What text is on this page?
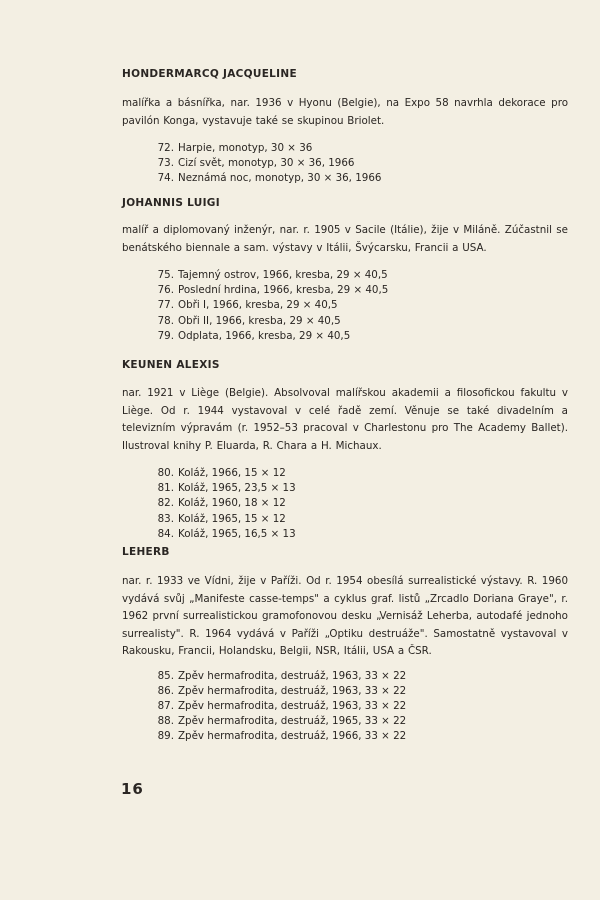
HONDERMARCQ JACQUELINE

malířka a básnířka, nar. 1936 v Hyonu (Belgie), na Expo 58 navrhla dekorace pro pavilón Konga, vystavuje také se skupinou Briolet.

72. Harpie, monotyp, 30 × 36
73. Cizí svět, monotyp, 30 × 36, 1966
74. Neznámá noc, monotyp, 30 × 36, 1966
JOHANNIS LUIGI

malíř a diplomovaný inženýr, nar. r. 1905 v Sacile (Itálie), žije v Miláně. Zúčastnil se benátského biennale a sam. výstavy v Itálii, Švýcarsku, Francii a USA.

75. Tajemný ostrov, 1966, kresba, 29 × 40,5
76. Poslední hrdina, 1966, kresba, 29 × 40,5
77. Obři I, 1966, kresba, 29 × 40,5
78. Obři II, 1966, kresba, 29 × 40,5
79. Odplata, 1966, kresba, 29 × 40,5
KEUNEN ALEXIS

nar. 1921 v Liège (Belgie). Absolvoval malířskou akademii a filosofickou fakultu v Liège. Od r. 1944 vystavoval v celé řadě zemí. Věnuje se také divadelním a televizním výpravám (r. 1952–53 pracoval v Charlestonu pro The Academy Ballet). Ilustroval knihy P. Eluarda, R. Chara a H. Michaux.

80. Koláž, 1966, 15 × 12
81. Koláž, 1965, 23,5 × 13
82. Koláž, 1960, 18 × 12
83. Koláž, 1965, 15 × 12
84. Koláž, 1965, 16,5 × 13
LEHERB

nar. r. 1933 ve Vídni, žije v Paříži. Od r. 1954 obesílá surrealistické výstavy. R. 1960 vydává svůj „Manifeste casse-temps" a cyklus graf. listů „Zrcadlo Doriana Graye", r. 1962 první surrealistickou gramofonovou desku „Vernisáž Leherba, autodafé jednoho surrealisty". R. 1964 vydává v Paříži „Optiku destruáže". Samostatně vystavoval v Rakousku, Francii, Holandsku, Belgii, NSR, Itálii, USA a ČSR.

85. Zpěv hermafrodita, destruáž, 1963, 33 × 22
86. Zpěv hermafrodita, destruáž, 1963, 33 × 22
87. Zpěv hermafrodita, destruáž, 1963, 33 × 22
88. Zpěv hermafrodita, destruáž, 1965, 33 × 22
89. Zpěv hermafrodita, destruáž, 1966, 33 × 22
16
